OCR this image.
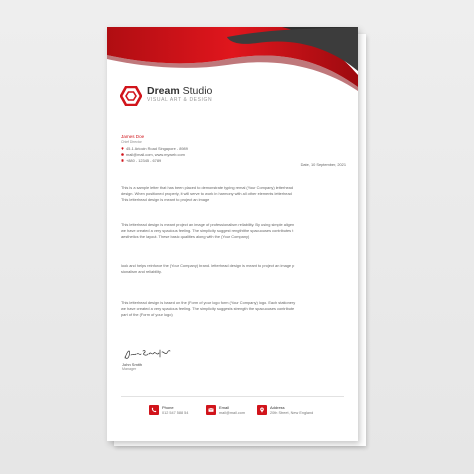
Dream Studio
VISUAL ART & DESIGN
James Doe
Chief Director
45-1 Ariocin Road Singapore - 8989
mail@mail.com, www.myweb.com
+880 - 12345 - 6789
Date, 10 September, 2021
This is a sample letter that has been placed to demonstrate typing remal (Your Company) letterhead
design. When positioned properly, it will serve to work in harmony with all other elements letterhead
This letterhead design is meant to project an image
This letterhead design is meant project an image of professionalism reliability. By using simple aligen
we have created a very spacious feeling. The simplicity suggest rengthtthe spacuouses contributes t
aesthetics the layout. These basic qualities along with the (Your Company)
look and helps reinforce the (Your Company) brand. letterhead design is meant to project an image p
sionalism and reliability.
This letterhead design is based on the (Form of your logo form (Your Company) logo. Each stationery
we have created a very spacious feeling. The simplicity suggests strength the spacuouses contribute
part of the (Form of your logo)
John Smith
Manager
Phone
012 547 588 54
Email
mail@mail.com
Address
20th Street, New England
